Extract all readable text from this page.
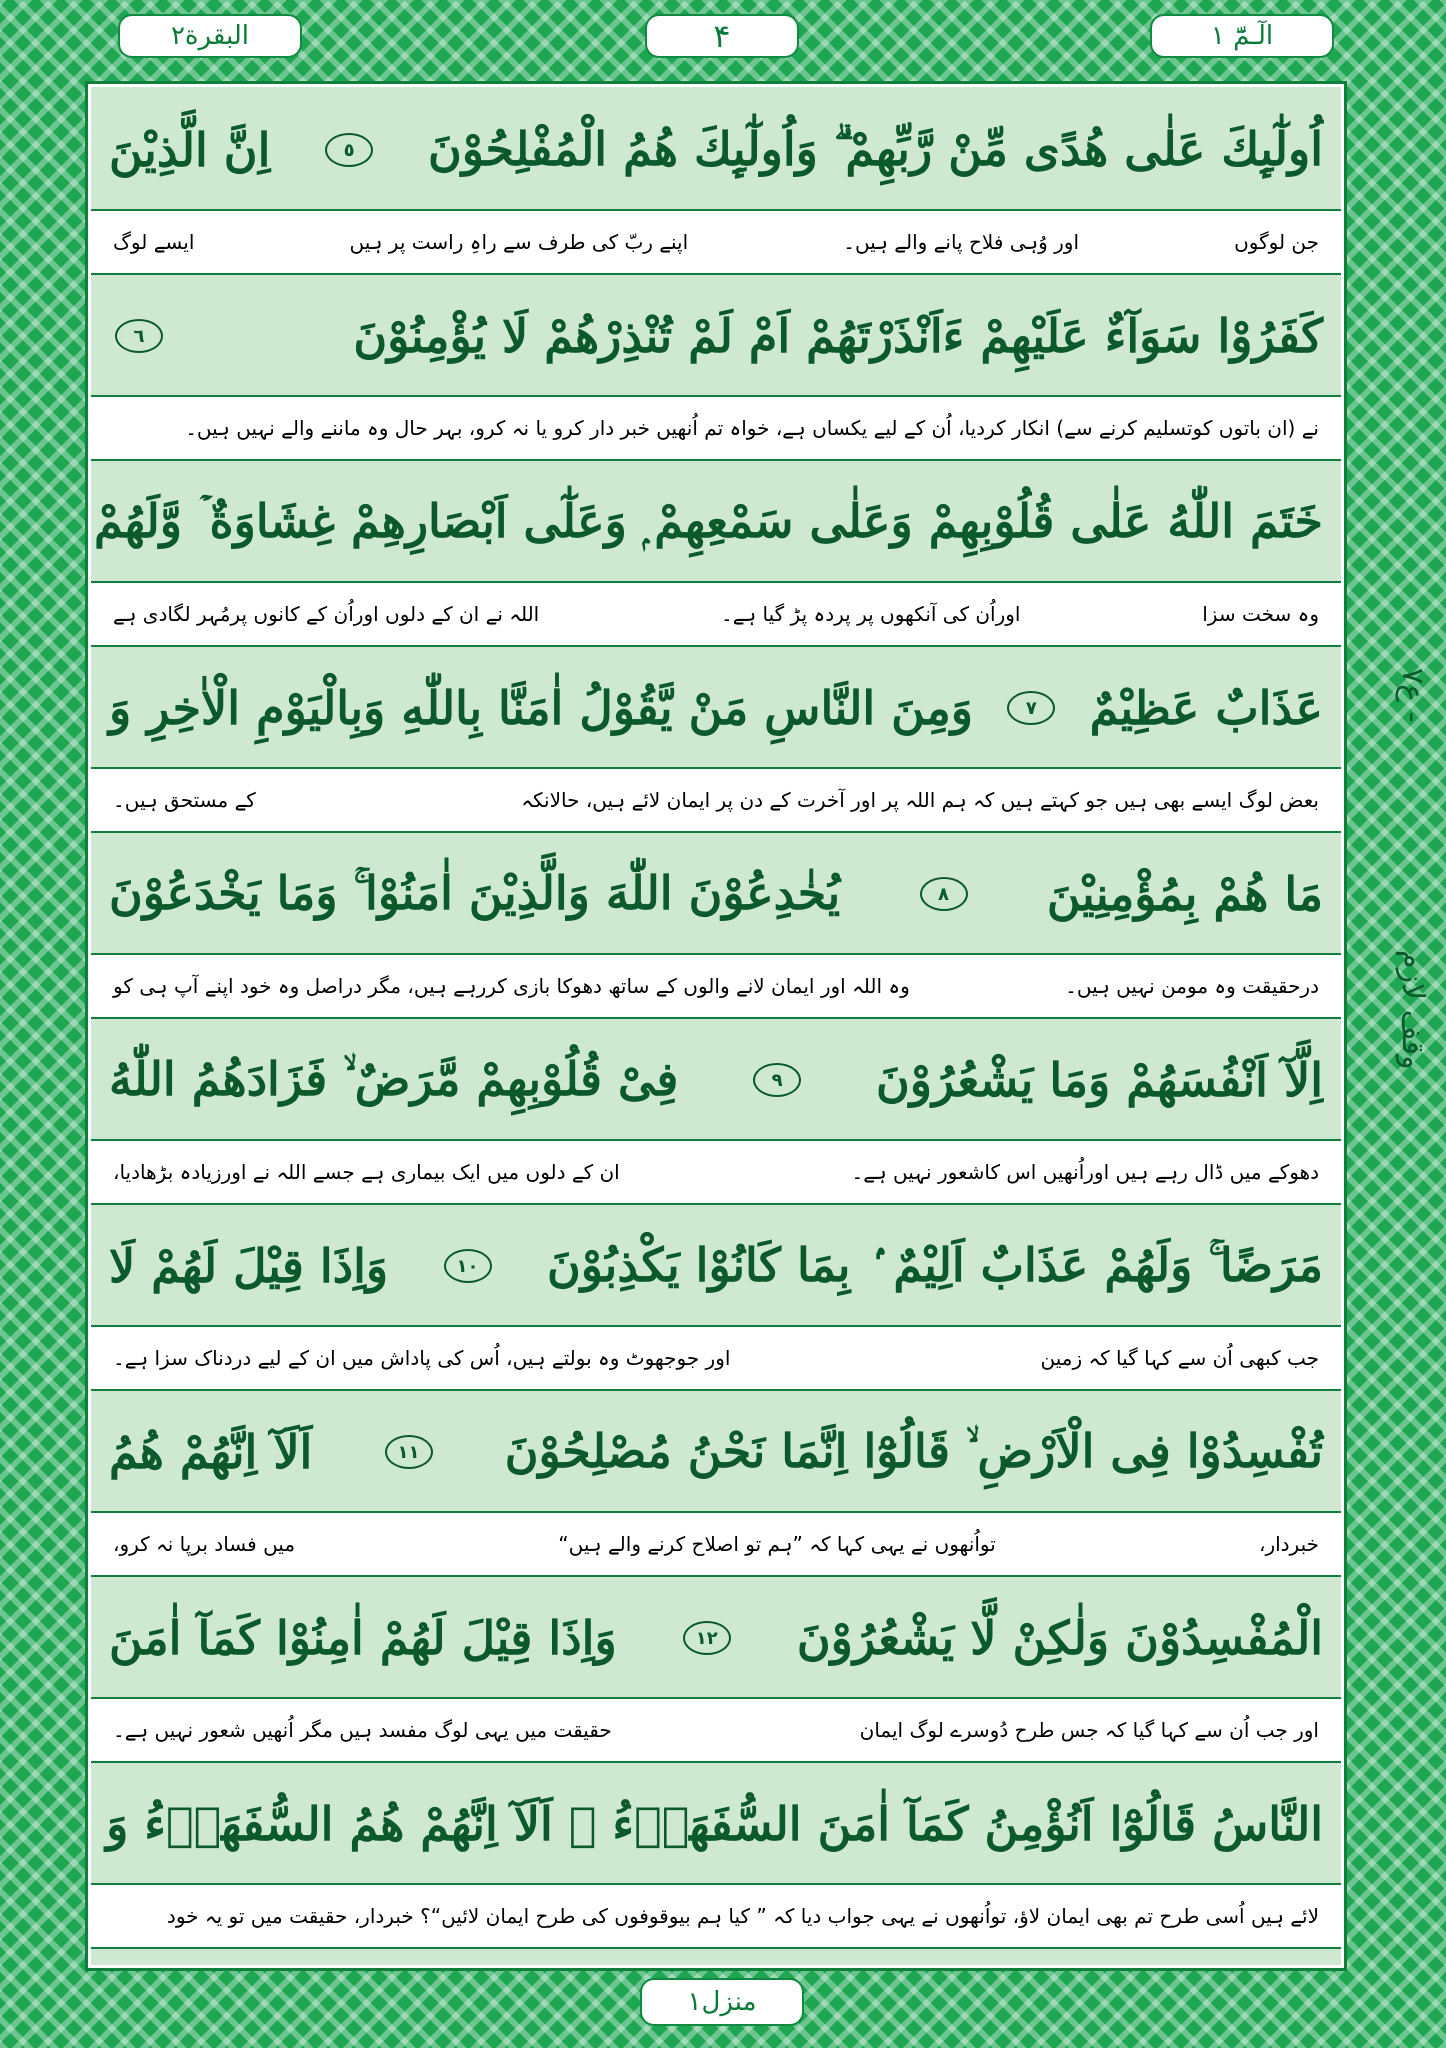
البقرة٢	۴	الٓـمّٓ ١
اُولٰٓىِٕكَ عَلٰى هُدًى مِّنْ رَّبِّهِمْ ۗ وَاُولٰٓىِٕكَ هُمُ الْمُفْلِحُوْنَ
٥
اِنَّ الَّذِيْنَ
جن لوگوں
اور وُہی فلاح پانے والے ہیں۔
اپنے ربّ کی طرف سے راہِ راست پر ہیں
ایسے لوگ
كَفَرُوْا سَوَآءٌ عَلَيْهِمْ ءَاَنْذَرْتَهُمْ اَمْ لَمْ تُنْذِرْهُمْ لَا يُؤْمِنُوْنَ
٦
نے (ان باتوں کوتسلیم کرنے سے) انکار کردیا، اُن کے لیے یکساں ہے، خواہ تم اُنھیں خبر دار کرو یا نہ کرو، بہر حال وہ ماننے والے نہیں ہیں۔
خَتَمَ اللّٰهُ عَلٰى قُلُوْبِهِمْ وَعَلٰى سَمْعِهِمْ ۭ وَعَلٰٓى اَبْصَارِهِمْ غِشَاوَةٌ ۡ وَّلَهُمْ
وہ سخت سزا
اوراُن کی آنکھوں پر پردہ پڑ گیا ہے۔
اللہ نے ان کے دلوں اوراُن کے کانوں پرمُہر لگادی ہے
عَذَابٌ عَظِيْمٌ
٧
وَمِنَ النَّاسِ مَنْ يَّقُوْلُ اٰمَنَّا بِاللّٰهِ وَبِالْيَوْمِ الْاٰخِرِ وَ
بعض لوگ ایسے بھی ہیں جو کہتے ہیں کہ ہم اللہ پر اور آخرت کے دن پر ایمان لائے ہیں، حالانکہ
کے مستحق ہیں۔
مَا هُمْ بِمُؤْمِنِيْنَ
٨
يُخٰدِعُوْنَ اللّٰهَ وَالَّذِيْنَ اٰمَنُوْا ۚ وَمَا يَخْدَعُوْنَ
درحقیقت وہ مومن نہیں ہیں۔
وہ اللہ اور ایمان لانے والوں کے ساتھ دھوکا بازی کررہے ہیں، مگر دراصل وہ خود اپنے آپ ہی کو
اِلَّآ اَنْفُسَهُمْ وَمَا يَشْعُرُوْنَ
٩
فِىْ قُلُوْبِهِمْ مَّرَضٌ ۙ فَزَادَهُمُ اللّٰهُ
دھوکے میں ڈال رہے ہیں اوراُنھیں اس کاشعور نہیں ہے۔
ان کے دلوں میں ایک بیماری ہے جسے اللہ نے اورزیادہ بڑھادیا،
مَرَضًا ۚ وَلَهُمْ عَذَابٌ اَلِيْمٌ ۢ بِمَا كَانُوْا يَكْذِبُوْنَ
١٠
وَاِذَا قِيْلَ لَهُمْ لَا
جب کبھی اُن سے کہا گیا کہ زمین
اور جوجھوٹ وہ بولتے ہیں، اُس کی پاداش میں ان کے لیے دردناک سزا ہے۔
تُفْسِدُوْا فِى الْاَرْضِ ۙ قَالُوْٓا اِنَّمَا نَحْنُ مُصْلِحُوْنَ
١١
اَلَآ اِنَّهُمْ هُمُ
خبردار،
تواُنھوں نے یہی کہا کہ ”ہم تو اصلاح کرنے والے ہیں“
میں فساد برپا نہ کرو،
الْمُفْسِدُوْنَ وَلٰكِنْ لَّا يَشْعُرُوْنَ
١٢
وَاِذَا قِيْلَ لَهُمْ اٰمِنُوْا كَمَآ اٰمَنَ
اور جب اُن سے کہا گیا کہ جس طرح دُوسرے لوگ ایمان
حقیقت میں یہی لوگ مفسد ہیں مگر اُنھیں شعور نہیں ہے۔
النَّاسُ قَالُوْٓا اَنُؤْمِنُ كَمَآ اٰمَنَ السُّفَهَاۗءُ ۭ اَلَآ اِنَّهُمْ هُمُ السُّفَهَاۗءُ وَ
لائے ہیں اُسی طرح تم بھی ایمان لاؤ، تواُنھوں نے یہی جواب دیا کہ ” کیا ہم بیوقوفوں کی طرح ایمان لائیں“؟ خبردار، حقیقت میں تو یہ خود
ع٧ -
وقف لازم
منزل١
